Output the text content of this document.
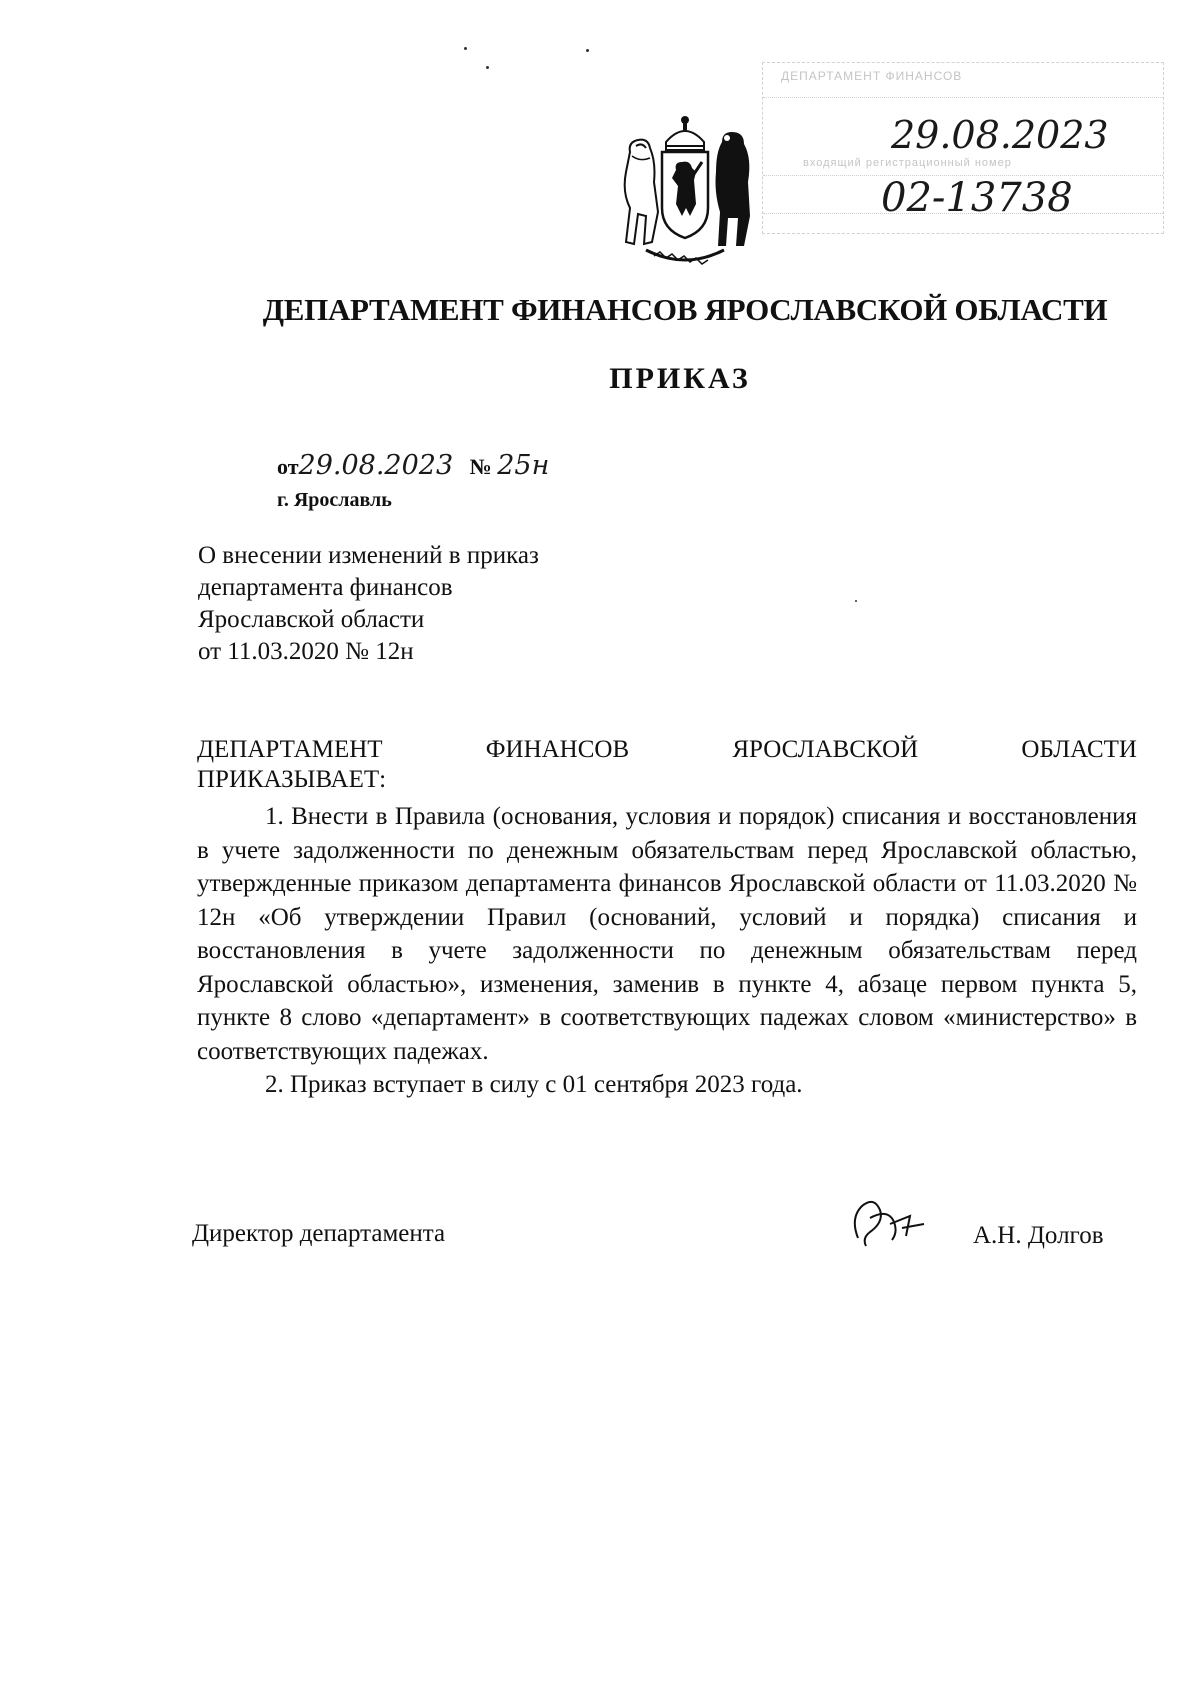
ДЕПАРТАМЕНТ ФИНАНСОВ
входящий регистрационный номер
29.08.2023
02-13738
ДЕПАРТАМЕНТ ФИНАНСОВ ЯРОСЛАВСКОЙ ОБЛАСТИ
ПРИКАЗ
от29.08.2023 № 25н
г. Ярославль
О внесении изменений в приказ
департамента финансов
Ярославской области
от 11.03.2020 № 12н
ДЕПАРТАМЕНТ	ФИНАНСОВ	ЯРОСЛАВСКОЙ	ОБЛАСТИ
ПРИКАЗЫВАЕТ:

1. Внести в Правила (основания, условия и порядок) списания и восстановления в учете задолженности по денежным обязательствам перед Ярославской областью, утвержденные приказом департамента финансов Ярославской области от 11.03.2020 № 12н «Об утверждении Правил (оснований, условий и порядка) списания и восстановления в учете задолженности по денежным обязательствам перед Ярославской областью», изменения, заменив в пункте 4, абзаце первом пункта 5, пункте 8 слово «департамент» в соответствующих падежах словом «министерство» в соответствующих падежах.

2. Приказ вступает в силу с 01 сентября 2023 года.

Директор департамента	А.Н. Долгов
